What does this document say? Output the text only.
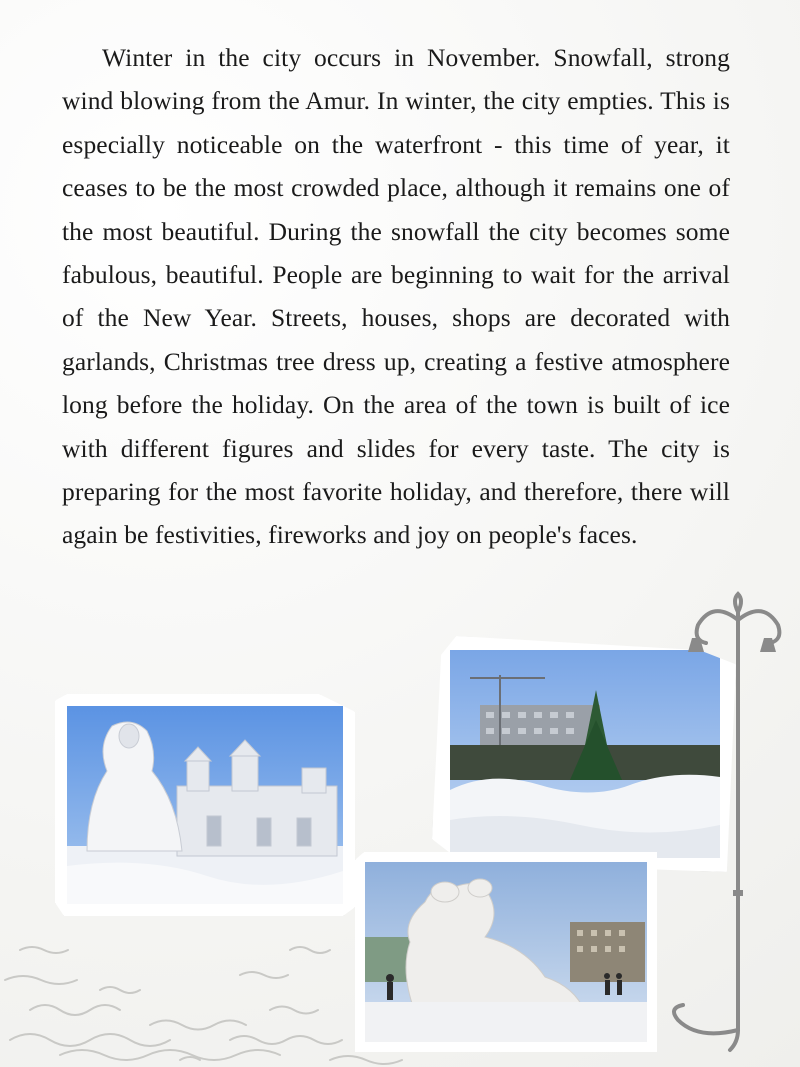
Winter in the city occurs in November. Snowfall, strong wind blowing from the Amur. In winter, the city empties. This is especially noticeable on the waterfront - this time of year, it ceases to be the most crowded place, although it remains one of the most beautiful. During the snowfall the city becomes some fabulous, beautiful. People are beginning to wait for the arrival of the New Year. Streets, houses, shops are decorated with garlands, Christmas tree dress up, creating a festive atmosphere long before the holiday. On the area of the town is built of ice with different figures and slides for every taste. The city is preparing for the most favorite holiday, and therefore, there will again be festivities, fireworks and joy on people's faces.
